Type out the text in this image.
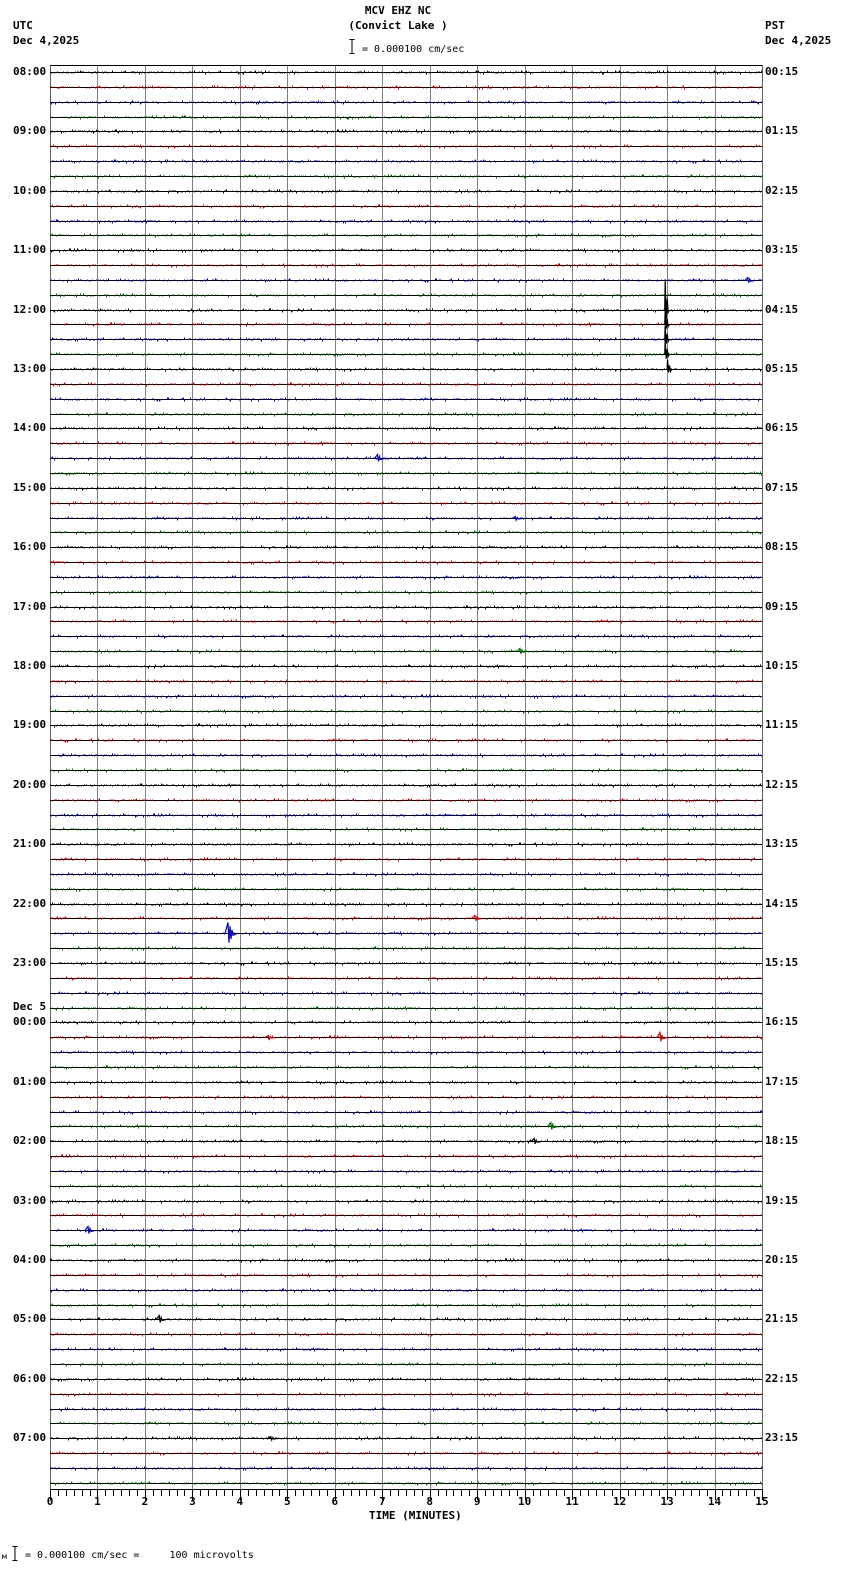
UTC
Dec 4,2025
PST
Dec 4,2025
MCV EHZ NC
(Convict Lake )
= 0.000100 cm/sec
0	1	2	3	4	5	6	7	8	9	10	11	12	13	14	15
08:00
09:00
10:00
11:00
12:00
13:00
14:00
15:00
16:00
17:00
18:00
19:00
20:00
21:00
22:00
23:00
00:00
Dec 5
01:00
02:00
03:00
04:00
05:00
06:00
07:00
00:15
01:15
02:15
03:15
04:15
05:15
06:15
07:15
08:15
09:15
10:15
11:15
12:15
13:15
14:15
15:15
16:15
17:15
18:15
19:15
20:15
21:15
22:15
23:15
TIME (MINUTES)
м = 0.000100 cm/sec =     100 microvolts
